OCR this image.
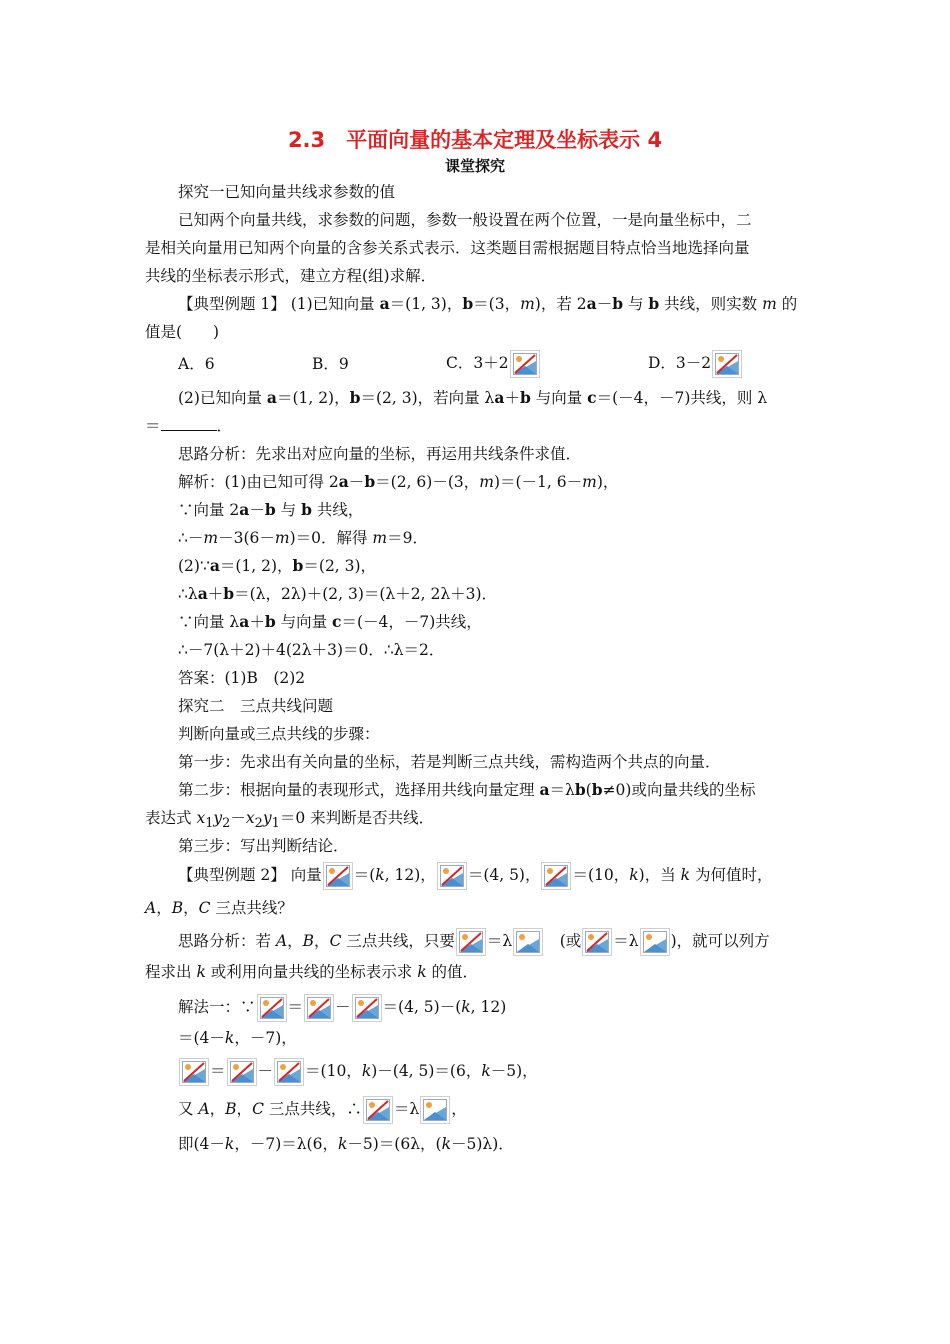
2.3　平面向量的基本定理及坐标表示 4
课堂探究
探究一已知向量共线求参数的值
已知两个向量共线，求参数的问题，参数一般设置在两个位置，一是向量坐标中，二
是相关向量用已知两个向量的含参关系式表示．这类题目需根据题目特点恰当地选择向量
共线的坐标表示形式，建立方程(组)求解．
【典型例题 1】 (1)已知向量 a＝(1, 3)，b＝(3，m)，若 2a－b 与 b 共线，则实数 m 的
值是(　　)
A．6	B．9	C．3＋2	D．3－2
(2)已知向量 a＝(1, 2)，b＝(2, 3)，若向量 λa＋b 与向量 c＝(－4，－7)共线，则 λ
＝	．
思路分析：先求出对应向量的坐标，再运用共线条件求值．
解析：(1)由已知可得 2a－b＝(2, 6)－(3，m)＝(－1, 6－m)，
∵向量 2a－b 与 b 共线，
∴－m－3(6－m)＝0．解得 m＝9．
(2)∵a＝(1, 2)，b＝(2, 3)，
∴λa＋b＝(λ，2λ)＋(2, 3)＝(λ＋2, 2λ＋3)．
∵向量 λa＋b 与向量 c＝(－4，－7)共线，
∴－7(λ＋2)＋4(2λ＋3)＝0．∴λ＝2．
答案：(1)B　(2)2
探究二　三点共线问题
判断向量或三点共线的步骤：
第一步：先求出有关向量的坐标，若是判断三点共线，需构造两个共点的向量．
第二步：根据向量的表现形式，选择用共线向量定理 a＝λb(b≠0)或向量共线的坐标
表达式 $x_1y_2-x_2y_1=0$ 来判断是否共线．
第三步：写出判断结论．
【典型例题 2】 向量 ＝(k, 12)， ＝(4, 5)， ＝(10，k)，当 k 为何值时，
A，B，C 三点共线？
思路分析：若 A，B，C 三点共线，只要 ＝λ
　	(或 ＝λ )，就可以列方
程求出 k 或利用向量共线的坐标表示求 k 的值．
解法一：∵ ＝ － ＝(4, 5)－(k, 12)
＝(4－k，－7)，
＝ － ＝(10，k)－(4, 5)＝(6，k－5)，
又 A，B，C 三点共线，∴ ＝λ ，
即(4－k，－7)＝λ(6，k－5)＝(6λ，(k－5)λ)．
